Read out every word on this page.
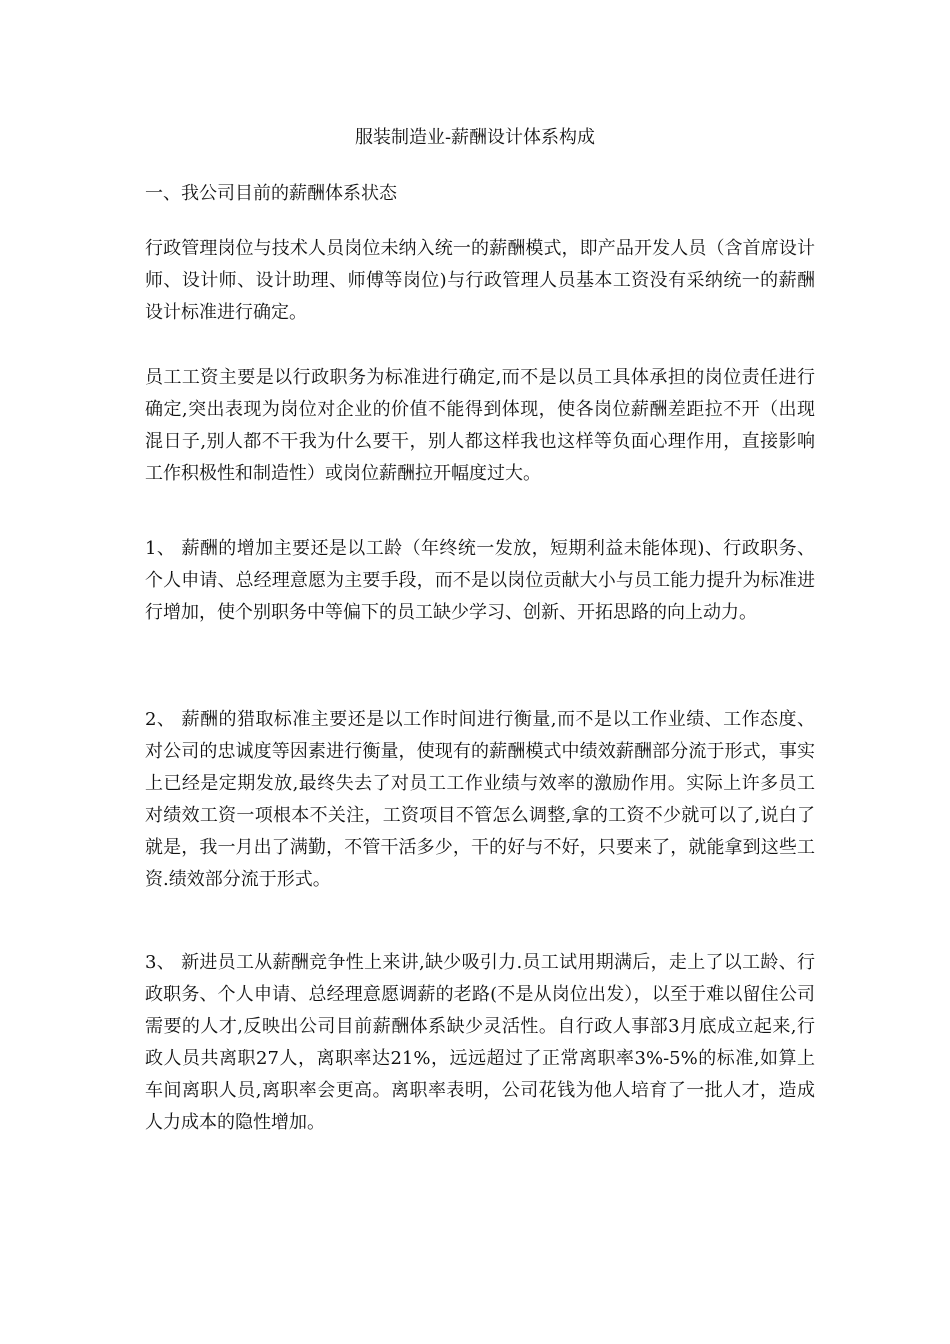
服装制造业-薪酬设计体系构成
一、我公司目前的薪酬体系状态

行政管理岗位与技术人员岗位未纳入统一的薪酬模式，即产品开发人员（含首席设计师、设计师、设计助理、师傅等岗位)与行政管理人员基本工资没有采纳统一的薪酬设计标准进行确定。

员工工资主要是以行政职务为标准进行确定,而不是以员工具体承担的岗位责任进行确定,突出表现为岗位对企业的价值不能得到体现，使各岗位薪酬差距拉不开（出现混日子,别人都不干我为什么要干，别人都这样我也这样等负面心理作用，直接影响工作积极性和制造性）或岗位薪酬拉开幅度过大。

1、 薪酬的增加主要还是以工龄（年终统一发放，短期利益未能体现)、行政职务、个人申请、总经理意愿为主要手段，而不是以岗位贡献大小与员工能力提升为标准进行增加，使个别职务中等偏下的员工缺少学习、创新、开拓思路的向上动力。

2、 薪酬的猎取标准主要还是以工作时间进行衡量,而不是以工作业绩、工作态度、对公司的忠诚度等因素进行衡量，使现有的薪酬模式中绩效薪酬部分流于形式，事实上已经是定期发放,最终失去了对员工工作业绩与效率的激励作用。实际上许多员工对绩效工资一项根本不关注，工资项目不管怎么调整,拿的工资不少就可以了,说白了就是，我一月出了满勤，不管干活多少，干的好与不好，只要来了，就能拿到这些工资.绩效部分流于形式。

3、 新进员工从薪酬竞争性上来讲,缺少吸引力.员工试用期满后，走上了以工龄、行政职务、个人申请、总经理意愿调薪的老路(不是从岗位出发），以至于难以留住公司需要的人才,反映出公司目前薪酬体系缺少灵活性。自行政人事部3月底成立起来,行政人员共离职27人，离职率达21%，远远超过了正常离职率3%-5%的标准,如算上车间离职人员,离职率会更高。离职率表明，公司花钱为他人培育了一批人才，造成人力成本的隐性增加。
